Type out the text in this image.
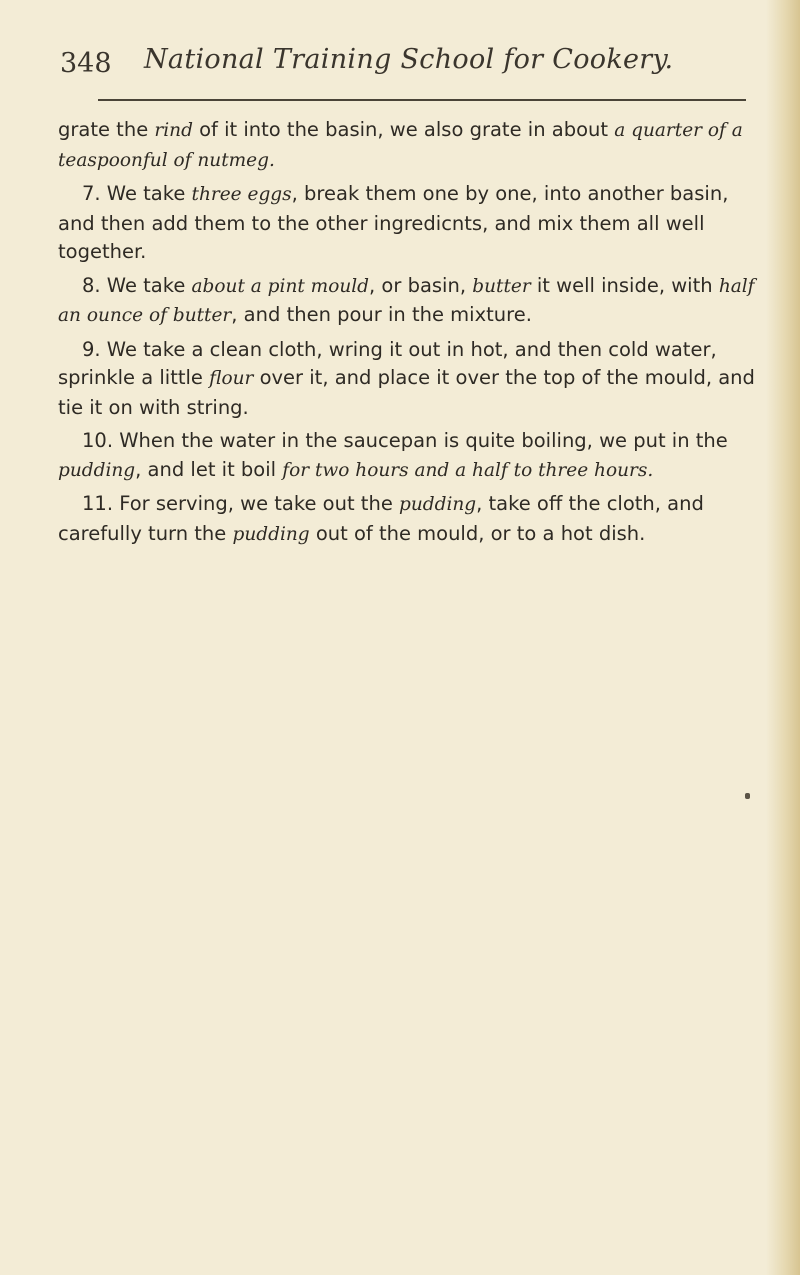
348 National Training School for Cookery.

grate the rind of it into the basin, we also grate in about a quarter of a teaspoonful of nutmeg.

7. We take three eggs, break them one by one, into another basin, and then add them to the other ingredicnts, and mix them all well together.

8. We take about a pint mould, or basin, butter it well inside, with half an ounce of butter, and then pour in the mixture.

9. We take a clean cloth, wring it out in hot, and then cold water, sprinkle a little flour over it, and place it over the top of the mould, and tie it on with string.

10. When the water in the saucepan is quite boiling, we put in the pudding, and let it boil for two hours and a half to three hours.

11. For serving, we take out the pudding, take off the cloth, and carefully turn the pudding out of the mould, or to a hot dish.
